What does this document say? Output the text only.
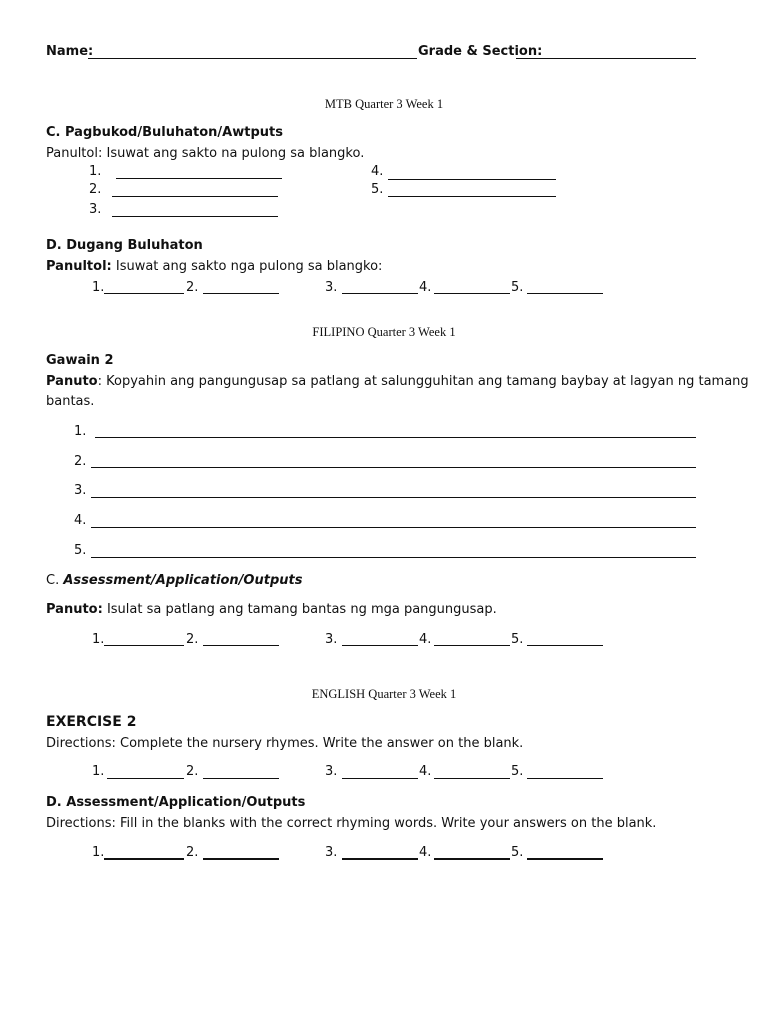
Name:	Grade & Section:
MTB Quarter 3 Week 1
C. Pagbukod/Buluhaton/Awtputs
Panultol: Isuwat ang sakto na pulong sa blangko.
1.
2.
3.
4.
5.
D. Dugang Buluhaton
Panultol: Isuwat ang sakto nga pulong sa blangko:
1.	2.	3.	4.	5.
FILIPINO Quarter 3 Week 1
Gawain 2
Panuto: Kopyahin ang pangungusap sa patlang at salungguhitan ang tamang baybay at lagyan ng tamang
bantas.
1.
2.
3.
4.
5.
C. Assessment/Application/Outputs
Panuto: Isulat sa patlang ang tamang bantas ng mga pangungusap.
1.	2.	3.	4.	5.
ENGLISH Quarter 3 Week 1
EXERCISE 2
Directions: Complete the nursery rhymes. Write the answer on the blank.
1.	2.	3.	4.	5.
D. Assessment/Application/Outputs
Directions: Fill in the blanks with the correct rhyming words. Write your answers on the blank.
1.	2.	3.	4.	5.
